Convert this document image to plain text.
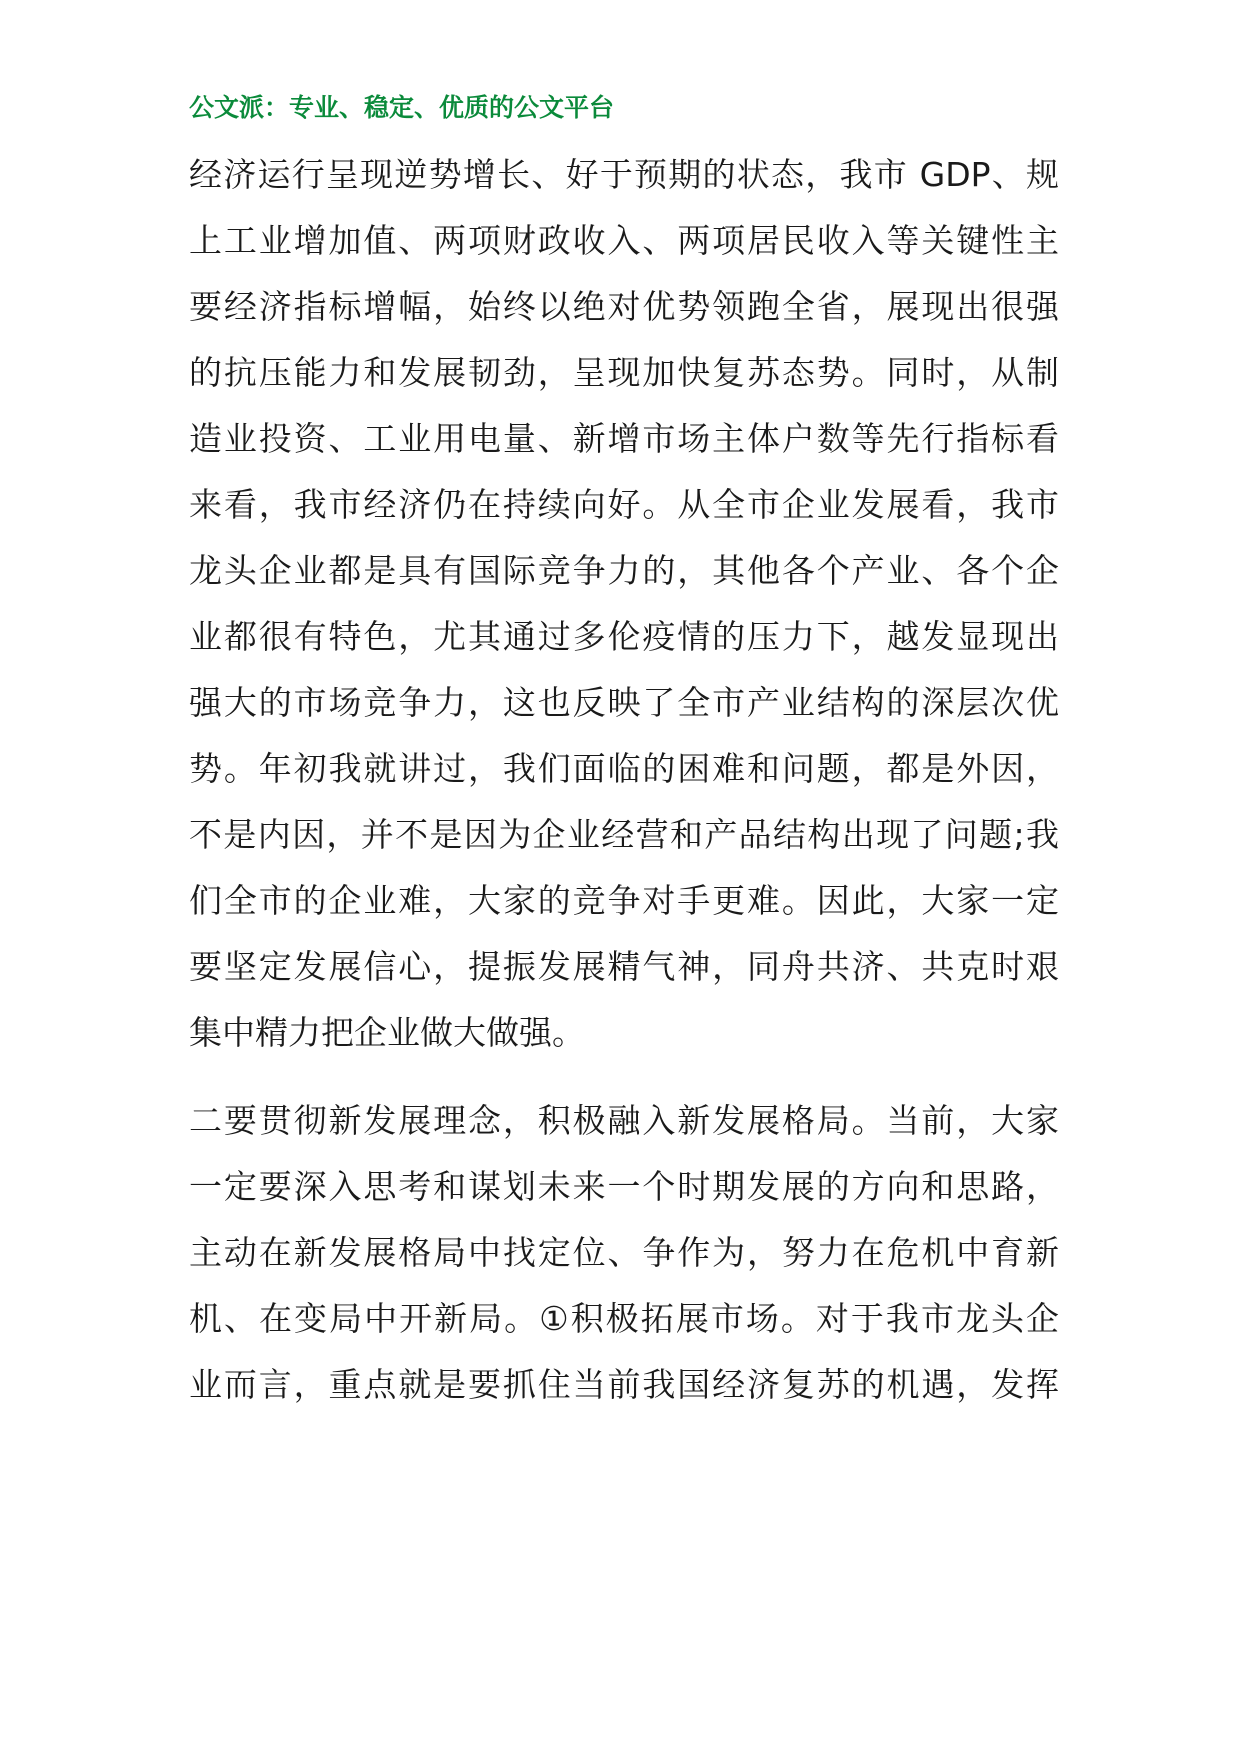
公文派：专业、稳定、优质的公文平台
经济运行呈现逆势增长、好于预期的状态，我市 GDP、规
上工业增加值、两项财政收入、两项居民收入等关键性主
要经济指标增幅，始终以绝对优势领跑全省，展现出很强
的抗压能力和发展韧劲，呈现加快复苏态势。同时，从制
造业投资、工业用电量、新增市场主体户数等先行指标看
来看，我市经济仍在持续向好。从全市企业发展看，我市
龙头企业都是具有国际竞争力的，其他各个产业、各个企
业都很有特色，尤其通过多伦疫情的压力下，越发显现出
强大的市场竞争力，这也反映了全市产业结构的深层次优
势。年初我就讲过，我们面临的困难和问题，都是外因，
不是内因，并不是因为企业经营和产品结构出现了问题;我
们全市的企业难，大家的竞争对手更难。因此，大家一定
要坚定发展信心，提振发展精气神，同舟共济、共克时艰
集中精力把企业做大做强。
二要贯彻新发展理念，积极融入新发展格局。当前，大家
一定要深入思考和谋划未来一个时期发展的方向和思路，
主动在新发展格局中找定位、争作为，努力在危机中育新
机、在变局中开新局。①积极拓展市场。对于我市龙头企
业而言，重点就是要抓住当前我国经济复苏的机遇，发挥
